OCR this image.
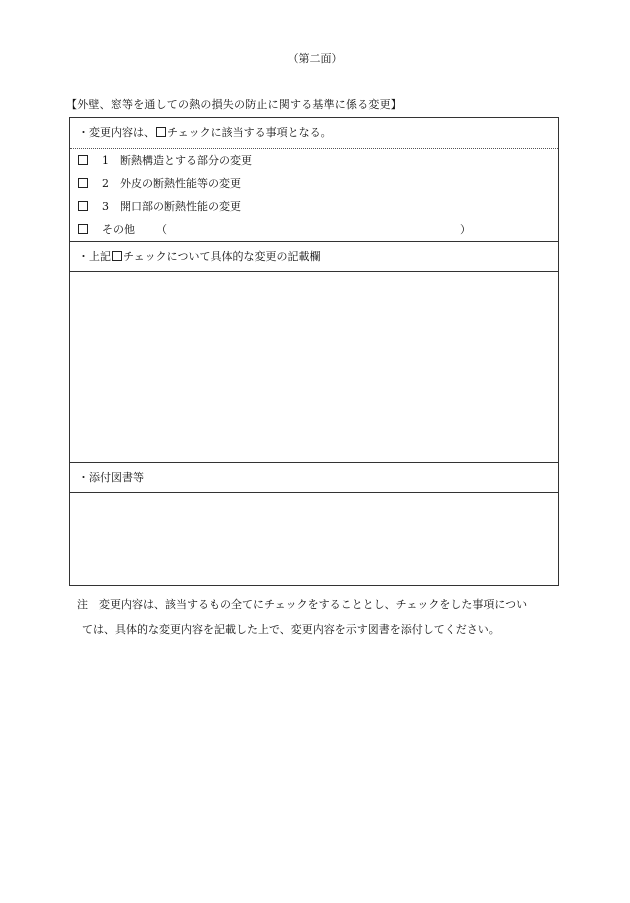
（第二面）
【外壁、窓等を通しての熱の損失の防止に関する基準に係る変更】
・変更内容は、 チェックに該当する事項となる。
1 断熱構造とする部分の変更
2 外皮の断熱性能等の変更
3 開口部の断熱性能の変更
その他 （	）
・上記 チェックについて具体的な変更の記載欄
・添付図書等
注 変更内容は、該当するもの全てにチェックをすることとし、チェックをした事項につい
ては、具体的な変更内容を記載した上で、変更内容を示す図書を添付してください。
